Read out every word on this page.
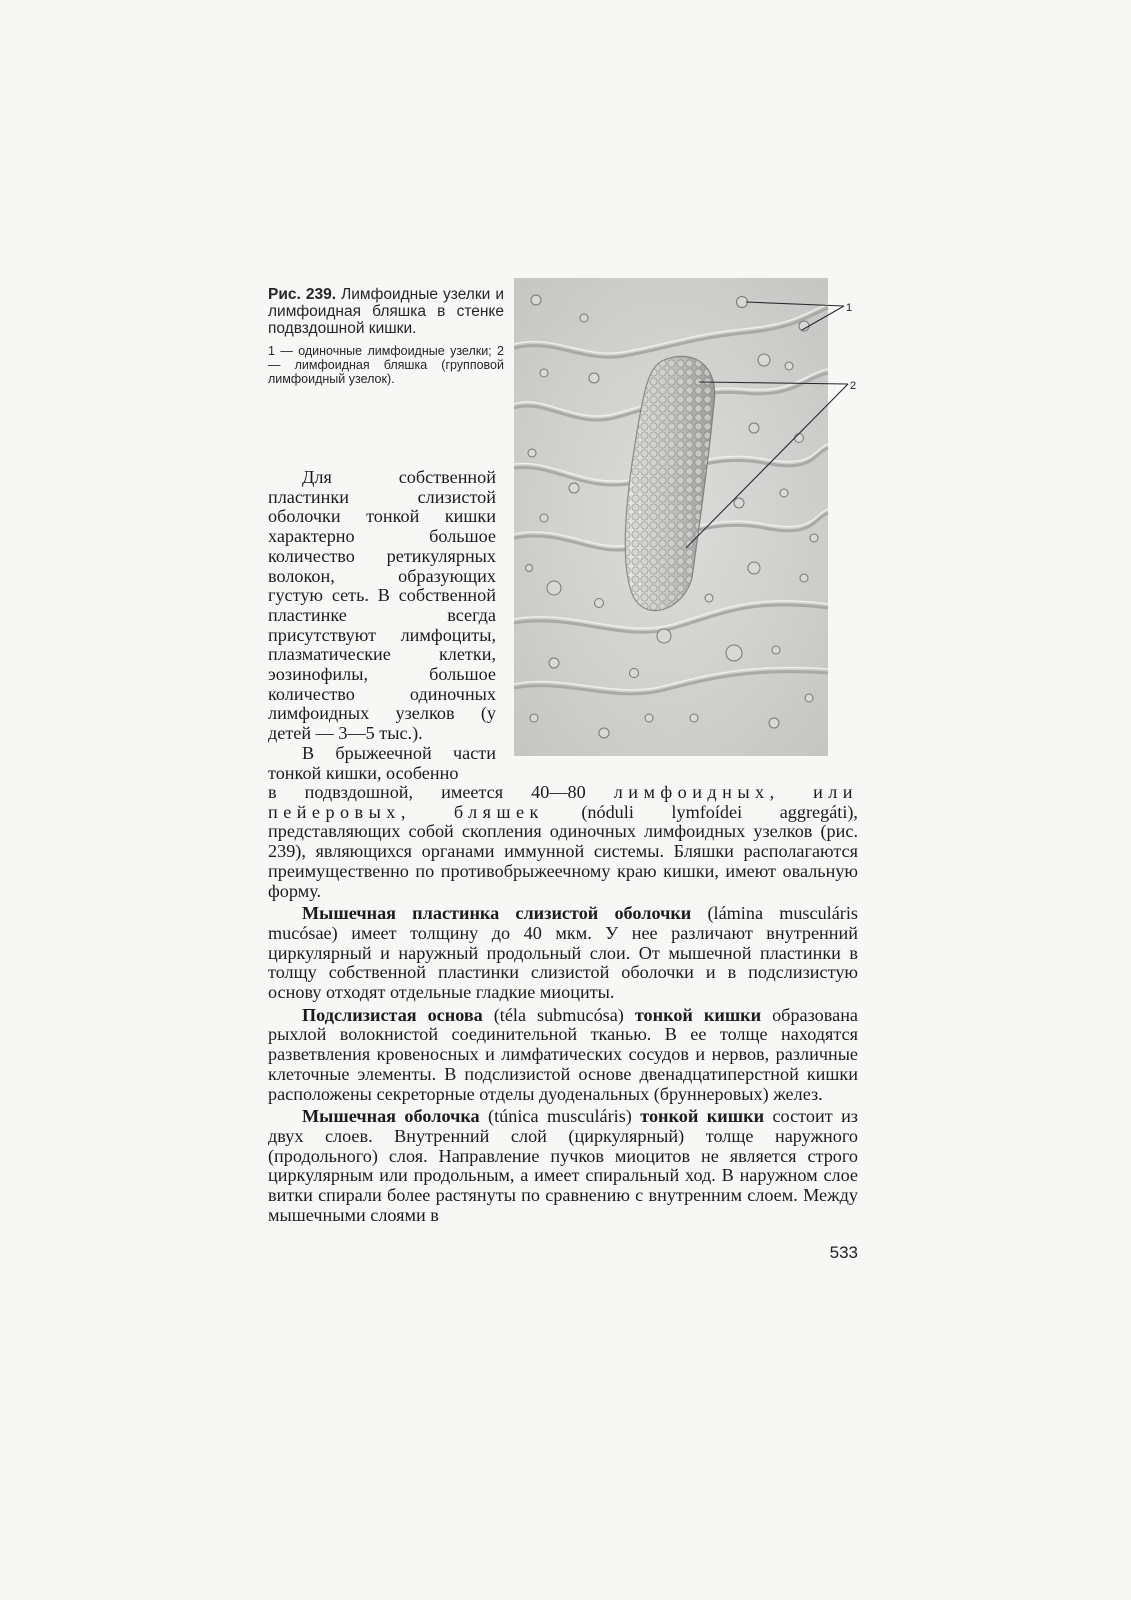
Рис. 239. Лимфоидные узелки и лимфоидная бляшка в стенке подвздошной кишки.

1 — одиночные лимфоидные узелки; 2 — лимфоидная бляшка (групповой лимфоидный узелок).

1
2

Для собственной пластинки слизистой оболочки тонкой кишки характерно большое количество ретикулярных волокон, образующих густую сеть. В собственной пластинке всегда присутствуют лимфоциты, плазматические клетки, эозинофилы, большое количество одиночных лимфоидных узелков (у детей — 3—5 тыс.).

В брыжеечной части тонкой кишки, особенно

в подвздошной, имеется 40—80 лимфоидных, или пейеровых, бляшек (nóduli lymfoídei aggregáti), представляющих собой скопления одиночных лимфоидных узелков (рис. 239), являющихся органами иммунной системы. Бляшки располагаются преимущественно по противобрыжеечному краю кишки, имеют овальную форму.

Мышечная пластинка слизистой оболочки (lámina musculáris mucósae) имеет толщину до 40 мкм. У нее различают внутренний циркулярный и наружный продольный слои. От мышечной пластинки в толщу собственной пластинки слизистой оболочки и в подслизистую основу отходят отдельные гладкие миоциты.

Подслизистая основа (téla submucósa) тонкой кишки образована рыхлой волокнистой соединительной тканью. В ее толще находятся разветвления кровеносных и лимфатических сосудов и нервов, различные клеточные элементы. В подслизистой основе двенадцатиперстной кишки расположены секреторные отделы дуоденальных (бруннеровых) желез.

Мышечная оболочка (túnica musculáris) тонкой кишки состоит из двух слоев. Внутренний слой (циркулярный) толще наружного (продольного) слоя. Направление пучков миоцитов не является строго циркулярным или продольным, а имеет спиральный ход. В наружном слое витки спирали более растянуты по сравнению с внутренним слоем. Между мышечными слоями в

533
